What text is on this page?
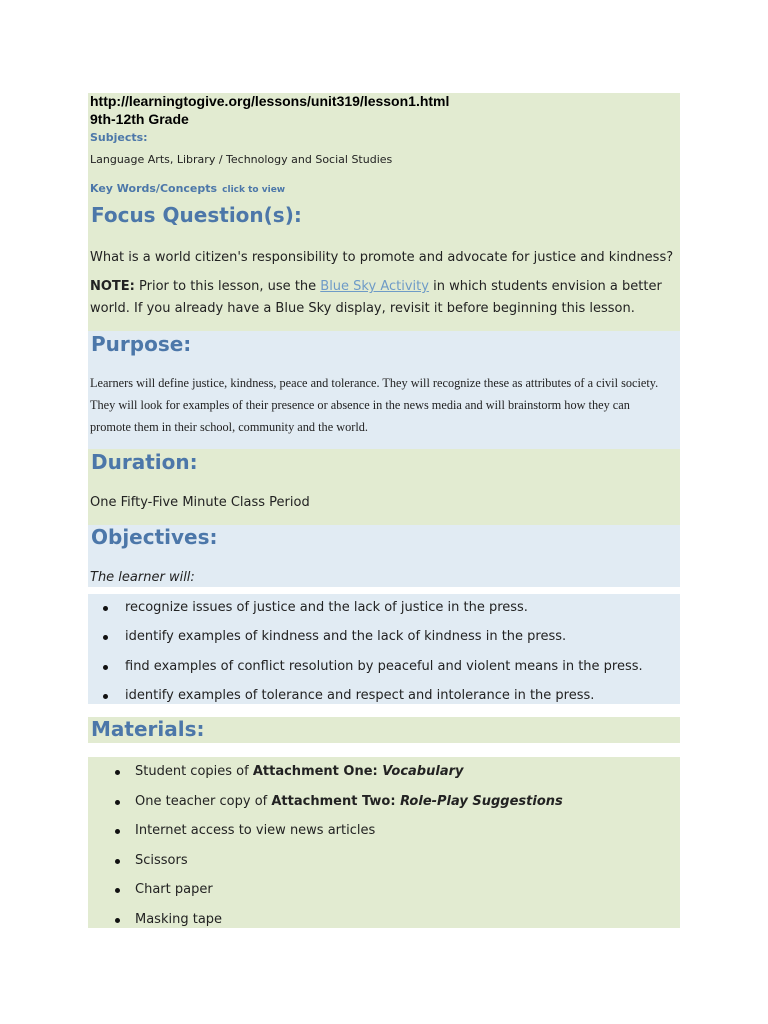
http://learningtogive.org/lessons/unit319/lesson1.html
9th-12th Grade
Subjects:
Language Arts, Library / Technology and Social Studies
Key Words/Concepts click to view
Focus Question(s):
What is a world citizen's responsibility to promote and advocate for justice and kindness?
NOTE: Prior to this lesson, use the Blue Sky Activity in which students envision a better
world. If you already have a Blue Sky display, revisit it before beginning this lesson.
Purpose:
Learners will define justice, kindness, peace and tolerance. They will recognize these as attributes of a civil society.
They will look for examples of their presence or absence in the news media and will brainstorm how they can
promote them in their school, community and the world.
Duration:
One Fifty-Five Minute Class Period
Objectives:
The learner will:
recognize issues of justice and the lack of justice in the press.
identify examples of kindness and the lack of kindness in the press.
find examples of conflict resolution by peaceful and violent means in the press.
identify examples of tolerance and respect and intolerance in the press.
Materials:
Student copies of Attachment One: Vocabulary
One teacher copy of Attachment Two: Role-Play Suggestions
Internet access to view news articles
Scissors
Chart paper
Masking tape
